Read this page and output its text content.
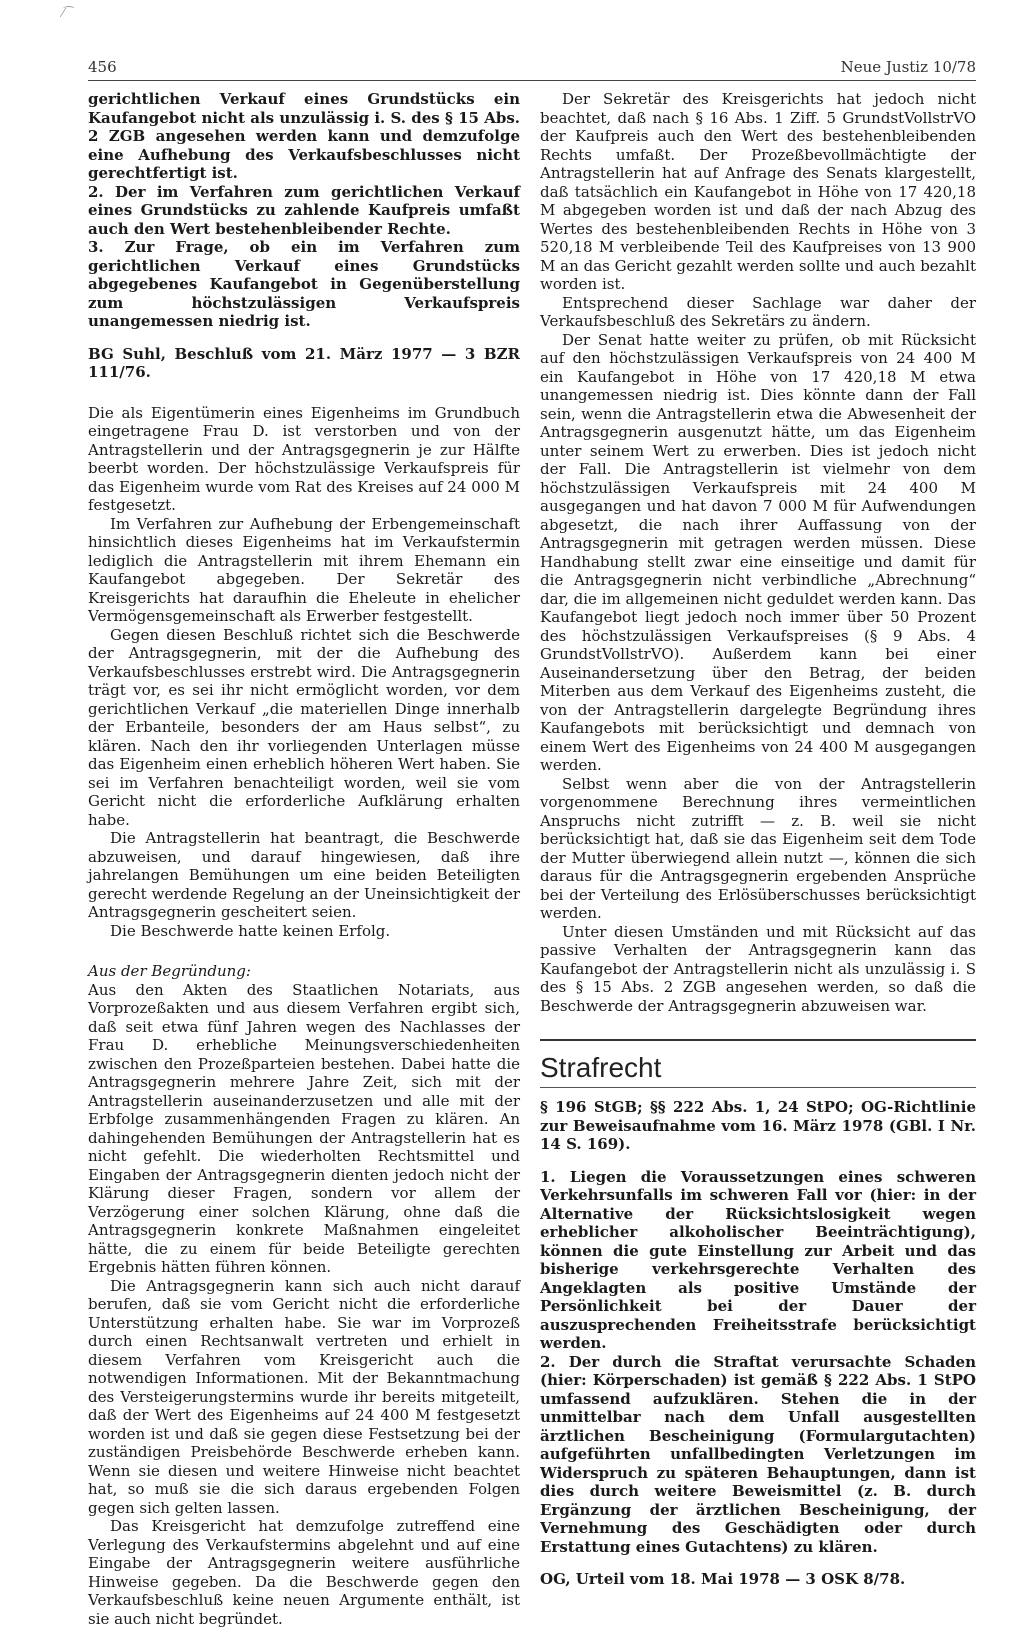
⁄⁀
456	Neue Justiz 10/78

gerichtlichen Verkauf eines Grundstücks ein Kaufangebot nicht als unzulässig i. S. des § 15 Abs. 2 ZGB angesehen werden kann und demzufolge eine Aufhebung des Verkaufsbeschlusses nicht gerechtfertigt ist.

2. Der im Verfahren zum gerichtlichen Verkauf eines Grundstücks zu zahlende Kaufpreis umfaßt auch den Wert bestehenbleibender Rechte.

3. Zur Frage, ob ein im Verfahren zum gerichtlichen Verkauf eines Grundstücks abgegebenes Kaufangebot in Gegenüberstellung zum höchstzulässigen Verkaufspreis unangemessen niedrig ist.

BG Suhl, Beschluß vom 21. März 1977 — 3 BZR 111/76.

Die als Eigentümerin eines Eigenheims im Grundbuch eingetragene Frau D. ist verstorben und von der Antragstellerin und der Antragsgegnerin je zur Hälfte beerbt worden. Der höchstzulässige Verkaufspreis für das Eigenheim wurde vom Rat des Kreises auf 24 000 M festgesetzt.

Im Verfahren zur Aufhebung der Erbengemeinschaft hinsichtlich dieses Eigenheims hat im Verkaufstermin lediglich die Antragstellerin mit ihrem Ehemann ein Kaufangebot abgegeben. Der Sekretär des Kreisgerichts hat daraufhin die Eheleute in ehelicher Vermögensgemeinschaft als Erwerber festgestellt.

Gegen diesen Beschluß richtet sich die Beschwerde der Antragsgegnerin, mit der die Aufhebung des Verkaufsbeschlusses erstrebt wird. Die Antragsgegnerin trägt vor, es sei ihr nicht ermöglicht worden, vor dem gerichtlichen Verkauf „die materiellen Dinge innerhalb der Erbanteile, besonders der am Haus selbst“, zu klären. Nach den ihr vorliegenden Unterlagen müsse das Eigenheim einen erheblich höheren Wert haben. Sie sei im Verfahren benachteiligt worden, weil sie vom Gericht nicht die erforderliche Aufklärung erhalten habe.

Die Antragstellerin hat beantragt, die Beschwerde abzuweisen, und darauf hingewiesen, daß ihre jahrelangen Bemühungen um eine beiden Beteiligten gerecht werdende Regelung an der Uneinsichtigkeit der Antragsgegnerin gescheitert seien.

Die Beschwerde hatte keinen Erfolg.

Aus der Begründung:

Aus den Akten des Staatlichen Notariats, aus Vorprozeßakten und aus diesem Verfahren ergibt sich, daß seit etwa fünf Jahren wegen des Nachlasses der Frau D. erhebliche Meinungsverschiedenheiten zwischen den Prozeßparteien bestehen. Dabei hatte die Antragsgegnerin mehrere Jahre Zeit, sich mit der Antragstellerin auseinanderzusetzen und alle mit der Erbfolge zusammenhängenden Fragen zu klären. An dahingehenden Bemühungen der Antragstellerin hat es nicht gefehlt. Die wiederholten Rechtsmittel und Eingaben der Antragsgegnerin dienten jedoch nicht der Klärung dieser Fragen, sondern vor allem der Verzögerung einer solchen Klärung, ohne daß die Antragsgegnerin konkrete Maßnahmen eingeleitet hätte, die zu einem für beide Beteiligte gerechten Ergebnis hätten führen können.

Die Antragsgegnerin kann sich auch nicht darauf berufen, daß sie vom Gericht nicht die erforderliche Unterstützung erhalten habe. Sie war im Vorprozeß durch einen Rechtsanwalt vertreten und erhielt in diesem Verfahren vom Kreisgericht auch die notwendigen Informationen. Mit der Bekanntmachung des Versteigerungstermins wurde ihr bereits mitgeteilt, daß der Wert des Eigenheims auf 24 400 M festgesetzt worden ist und daß sie gegen diese Festsetzung bei der zuständigen Preisbehörde Beschwerde erheben kann. Wenn sie diesen und weitere Hinweise nicht beachtet hat, so muß sie die sich daraus ergebenden Folgen gegen sich gelten lassen.

Das Kreisgericht hat demzufolge zutreffend eine Verlegung des Verkaufstermins abgelehnt und auf eine Eingabe der Antragsgegnerin weitere ausführliche Hinweise gegeben. Da die Beschwerde gegen den Verkaufsbeschluß keine neuen Argumente enthält, ist sie auch nicht begründet.

Der Sekretär des Kreisgerichts hat jedoch nicht beachtet, daß nach § 16 Abs. 1 Ziff. 5 GrundstVollstrVO der Kaufpreis auch den Wert des bestehenbleibenden Rechts umfaßt. Der Prozeßbevollmächtigte der Antragstellerin hat auf Anfrage des Senats klargestellt, daß tatsächlich ein Kaufangebot in Höhe von 17 420,18 M abgegeben worden ist und daß der nach Abzug des Wertes des bestehenbleibenden Rechts in Höhe von 3 520,18 M verbleibende Teil des Kaufpreises von 13 900 M an das Gericht gezahlt werden sollte und auch bezahlt worden ist.

Entsprechend dieser Sachlage war daher der Verkaufsbeschluß des Sekretärs zu ändern.

Der Senat hatte weiter zu prüfen, ob mit Rücksicht auf den höchstzulässigen Verkaufspreis von 24 400 M ein Kaufangebot in Höhe von 17 420,18 M etwa unangemessen niedrig ist. Dies könnte dann der Fall sein, wenn die Antragstellerin etwa die Abwesenheit der Antragsgegnerin ausgenutzt hätte, um das Eigenheim unter seinem Wert zu erwerben. Dies ist jedoch nicht der Fall. Die Antragstellerin ist vielmehr von dem höchstzulässigen Verkaufspreis mit 24 400 M ausgegangen und hat davon 7 000 M für Aufwendungen abgesetzt, die nach ihrer Auffassung von der Antragsgegnerin mit getragen werden müssen. Diese Handhabung stellt zwar eine einseitige und damit für die Antragsgegnerin nicht verbindliche „Abrechnung“ dar, die im allgemeinen nicht geduldet werden kann. Das Kaufangebot liegt jedoch noch immer über 50 Prozent des höchstzulässigen Verkaufspreises (§ 9 Abs. 4 GrundstVollstrVO). Außerdem kann bei einer Auseinandersetzung über den Betrag, der beiden Miterben aus dem Verkauf des Eigenheims zusteht, die von der Antragstellerin dargelegte Begründung ihres Kaufangebots mit berücksichtigt und demnach von einem Wert des Eigenheims von 24 400 M ausgegangen werden.

Selbst wenn aber die von der Antragstellerin vorgenommene Berechnung ihres vermeintlichen Anspruchs nicht zutrifft — z. B. weil sie nicht berücksichtigt hat, daß sie das Eigenheim seit dem Tode der Mutter überwiegend allein nutzt —, können die sich daraus für die Antragsgegnerin ergebenden Ansprüche bei der Verteilung des Erlösüberschusses berücksichtigt werden.

Unter diesen Umständen und mit Rücksicht auf das passive Verhalten der Antragsgegnerin kann das Kaufangebot der Antragstellerin nicht als unzulässig i. S des § 15 Abs. 2 ZGB angesehen werden, so daß die Beschwerde der Antragsgegnerin abzuweisen war.

Strafrecht

§ 196 StGB; §§ 222 Abs. 1, 24 StPO; OG-Richtlinie zur Beweisaufnahme vom 16. März 1978 (GBl. I Nr. 14 S. 169).

1. Liegen die Voraussetzungen eines schweren Verkehrsunfalls im schweren Fall vor (hier: in der Alternative der Rücksichtslosigkeit wegen erheblicher alkoholischer Beeinträchtigung), können die gute Einstellung zur Arbeit und das bisherige verkehrsgerechte Verhalten des Angeklagten als positive Umstände der Persönlichkeit bei der Dauer der auszusprechenden Freiheitsstrafe berücksichtigt werden.

2. Der durch die Straftat verursachte Schaden (hier: Körperschaden) ist gemäß § 222 Abs. 1 StPO umfassend aufzuklären. Stehen die in der unmittelbar nach dem Unfall ausgestellten ärztlichen Bescheinigung (Formulargutachten) aufgeführten unfallbedingten Verletzungen im Widerspruch zu späteren Behauptungen, dann ist dies durch weitere Beweismittel (z. B. durch Ergänzung der ärztlichen Bescheinigung, der Vernehmung des Geschädigten oder durch Erstattung eines Gutachtens) zu klären.

OG, Urteil vom 18. Mai 1978 — 3 OSK 8/78.
